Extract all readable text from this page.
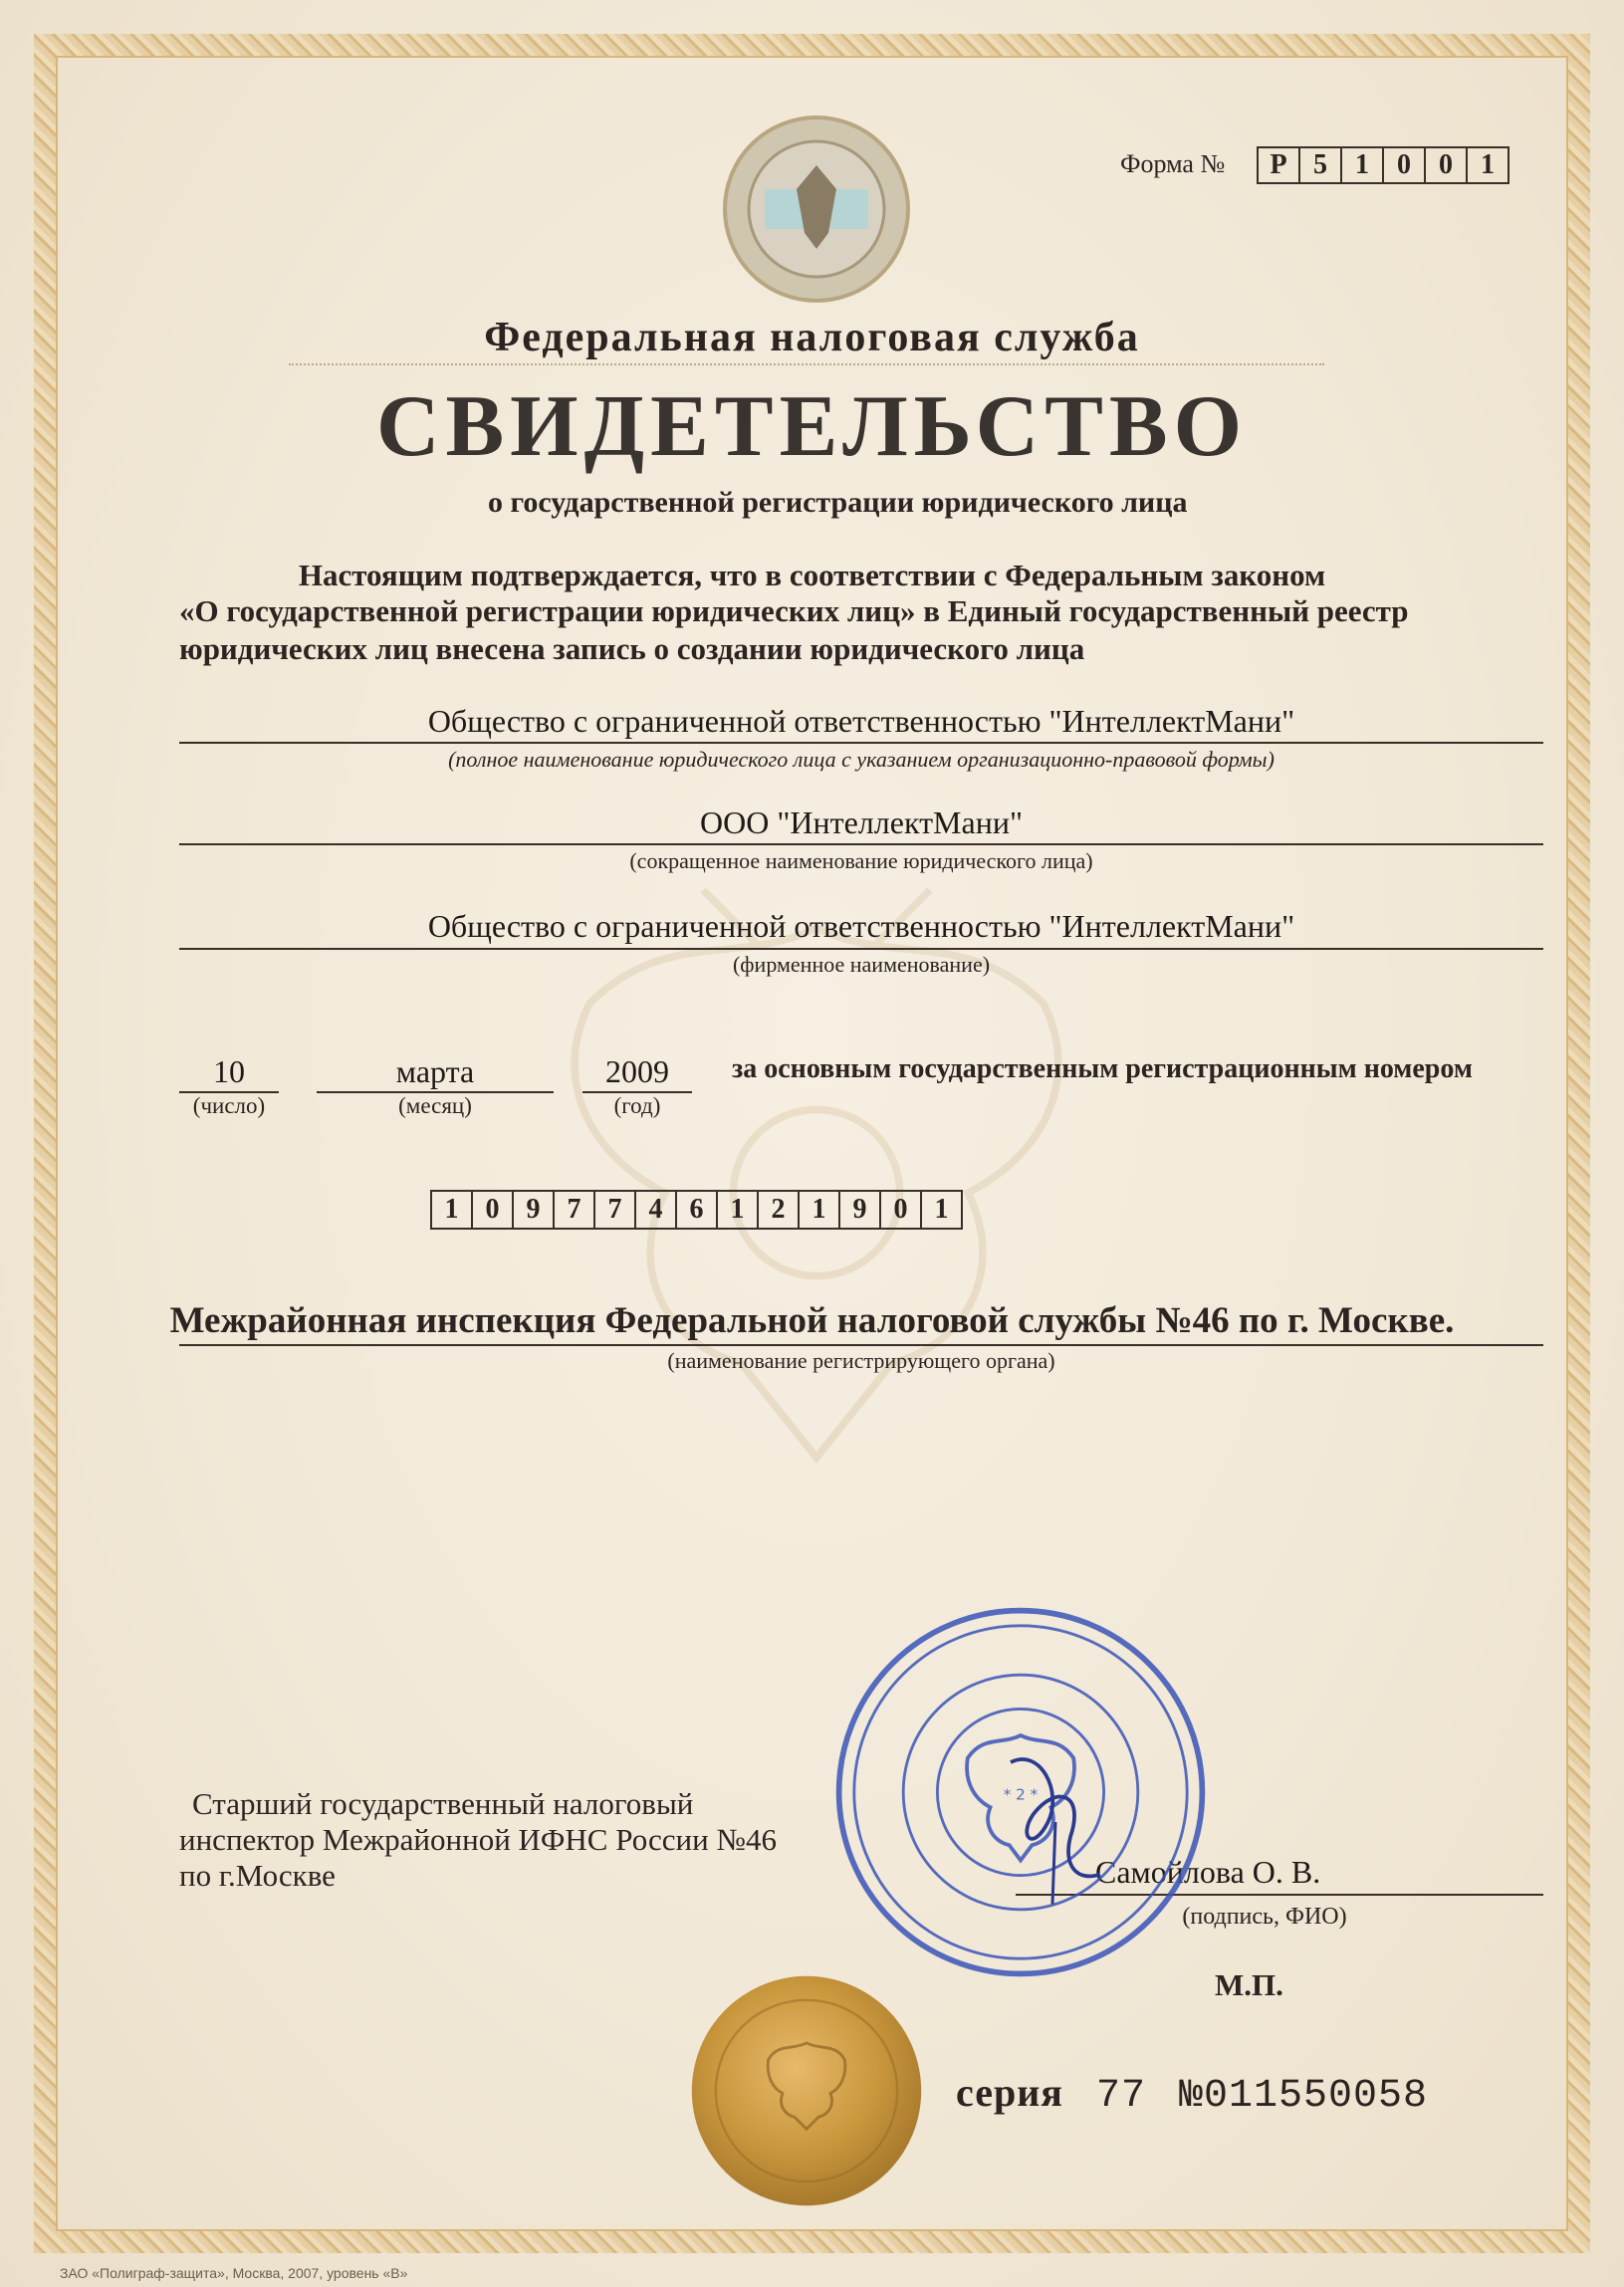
Форма №	Р 5	1	0	0	1
Федеральная налоговая служба
СВИДЕТЕЛЬСТВО
о государственной регистрации юридического лица
Настоящим подтверждается, что в соответствии с Федеральным законом
«О государственной регистрации юридических лиц» в Единый государственный реестр
юридических лиц внесена запись о создании юридического лица
Общество с ограниченной ответственностью "ИнтеллектМани"
(полное наименование юридического лица с указанием организационно-правовой формы)
ООО "ИнтеллектМани"
(сокращенное наименование юридического лица)
Общество с ограниченной ответственностью "ИнтеллектМани"
(фирменное наименование)
10
(число)
марта
(месяц)
2009
(год)
за основным государственным регистрационным номером
1 0 9 7 7 4 6 1 2 1 9 0 1
Межрайонная инспекция Федеральной налоговой службы №46 по г. Москве.
(наименование регистрирующего органа)
Старший государственный налоговый
инспектор Межрайонной ИФНС России №46
по г.Москве	Самойлова О. В.
(подпись, ФИО)
* 2 *
М.П.
серия 77 №011550058
ЗАО «Полиграф-защита», Москва, 2007, уровень «В»
